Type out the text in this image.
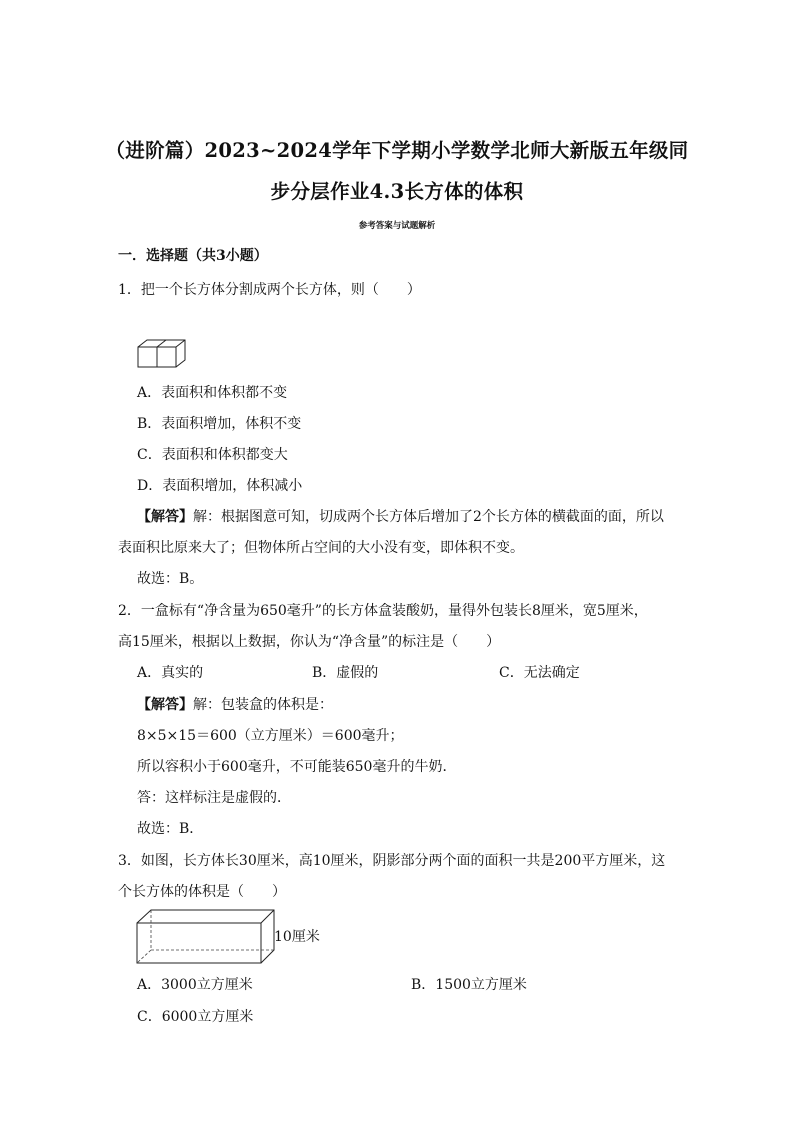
（进阶篇）2023~2024学年下学期小学数学北师大新版五年级同
步分层作业4.3长方体的体积
参考答案与试题解析
一．选择题（共3小题）
1．把一个长方体分割成两个长方体，则（　　）
A．表面积和体积都不变
B．表面积增加，体积不变
C．表面积和体积都变大
D．表面积增加，体积减小
【解答】解：根据图意可知，切成两个长方体后增加了2个长方体的横截面的面，所以
表面积比原来大了；但物体所占空间的大小没有变，即体积不变。
故选：B。
2．一盒标有“净含量为650毫升”的长方体盒装酸奶，量得外包装长8厘米，宽5厘米，
高15厘米，根据以上数据，你认为“净含量”的标注是（　　）
A．真实的	B．虚假的	C．无法确定
【解答】解：包装盒的体积是：
8×5×15＝600（立方厘米）＝600毫升；
所以容积小于600毫升，不可能装650毫升的牛奶．
答：这样标注是虚假的．
故选：B．
3．如图，长方体长30厘米，高10厘米，阴影部分两个面的面积一共是200平方厘米，这
个长方体的体积是（　　）
10厘米
A．3000立方厘米	B．1500立方厘米
C．6000立方厘米
